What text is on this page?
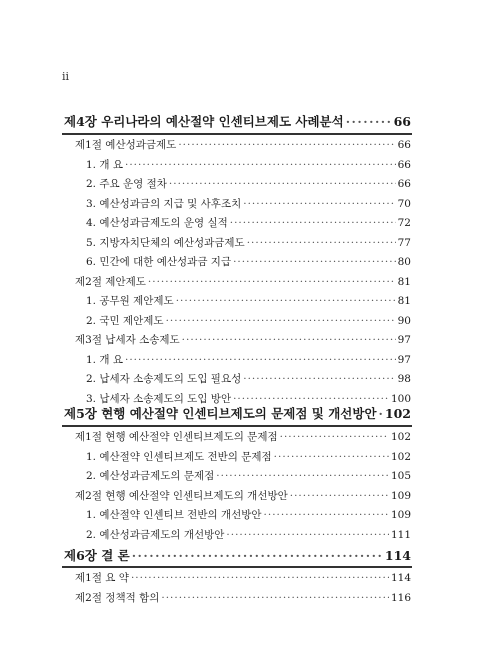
ii
제4장 우리나라의 예산절약 인센티브제도 사례분석 ·····	66
제1절 예산성과금제도 ·····	66
1. 개 요 ·····	66
2. 주요 운영 절차 ·····	66
3. 예산성과금의 지급 및 사후조치 ·····	70
4. 예산성과금제도의 운영 실적 ·····	72
5. 지방자치단체의 예산성과금제도 ·····	77
6. 민간에 대한 예산성과금 지급 ·····	80
제2절 제안제도 ·····	81
1. 공무원 제안제도 ·····	81
2. 국민 제안제도 ·····	90
제3절 납세자 소송제도 ·····	97
1. 개 요 ·····	97
2. 납세자 소송제도의 도입 필요성 ·····	98
3. 납세자 소송제도의 도입 방안 ·····	100
제5장 현행 예산절약 인센티브제도의 문제점 및 개선방안 ····· 102
제1절 현행 예산절약 인센티브제도의 문제점 ·····	102
1. 예산절약 인센티브제도 전반의 문제점 ·····	102
2. 예산성과금제도의 문제점 ·····	105
제2절 현행 예산절약 인센티브제도의 개선방안 ·····	109
1. 예산절약 인센티브 전반의 개선방안 ·····	109
2. 예산성과금제도의 개선방안 ·····	111
제6장 결 론 ·····	114
제1절 요 약 ·····	114
제2절 정책적 함의 ·····	116
